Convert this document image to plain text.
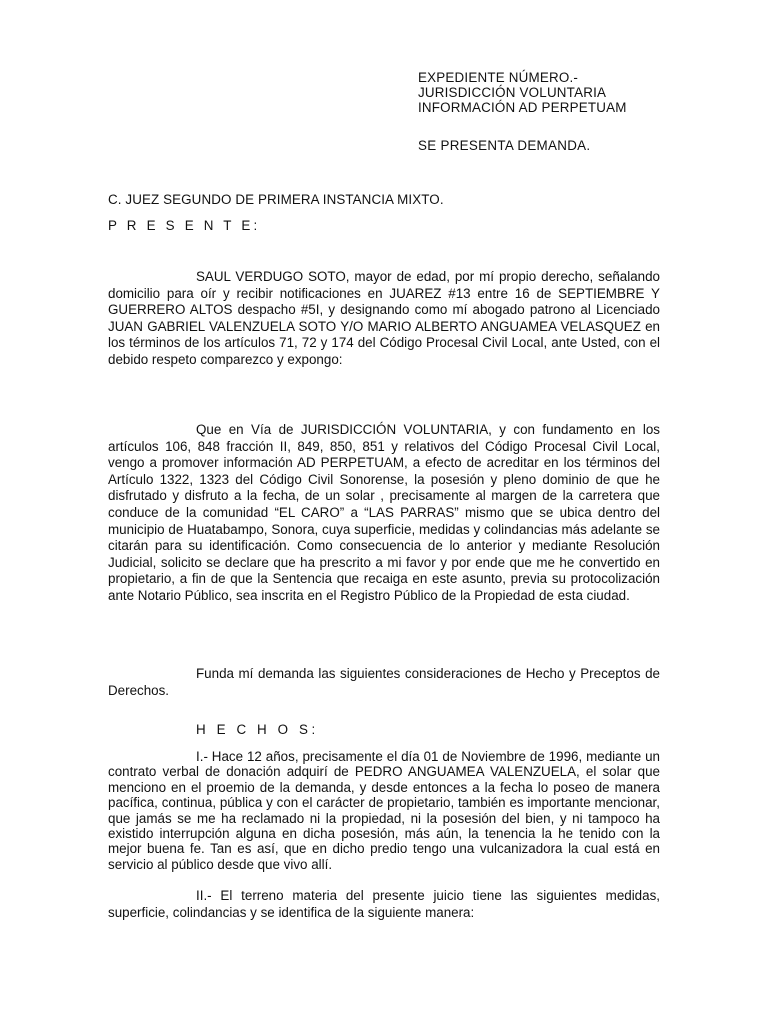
EXPEDIENTE NÚMERO.-
JURISDICCIÓN VOLUNTARIA
INFORMACIÓN AD PERPETUAM
SE PRESENTA DEMANDA.
C. JUEZ SEGUNDO DE PRIMERA INSTANCIA MIXTO.
P R E S E N T E:

SAUL VERDUGO SOTO, mayor de edad, por mí propio derecho, señalando domicilio para oír y recibir notificaciones en JUAREZ #13 entre 16 de SEPTIEMBRE Y GUERRERO ALTOS despacho #5I, y designando como mí abogado patrono al Licenciado JUAN GABRIEL VALENZUELA SOTO Y/O MARIO ALBERTO ANGUAMEA VELASQUEZ en los términos de los artículos 71, 72 y 174 del Código Procesal Civil Local, ante Usted, con el debido respeto comparezco y expongo:

Que en Vía de JURISDICCIÓN VOLUNTARIA, y con fundamento en los artículos 106, 848 fracción II, 849, 850, 851 y relativos del Código Procesal Civil Local, vengo a promover información AD PERPETUAM, a efecto de acreditar en los términos del Artículo 1322, 1323 del Código Civil Sonorense, la posesión y pleno dominio de que he disfrutado y disfruto a la fecha, de un solar , precisamente al margen de la carretera que conduce de la comunidad “EL CARO” a “LAS PARRAS” mismo que se ubica dentro del municipio de Huatabampo, Sonora, cuya superficie, medidas y colindancias más adelante se citarán para su identificación. Como consecuencia de lo anterior y mediante Resolución Judicial, solicito se declare que ha prescrito a mi favor y por ende que me he convertido en propietario, a fin de que la Sentencia que recaiga en este asunto, previa su protocolización ante Notario Público, sea inscrita en el Registro Público de la Propiedad de esta ciudad.

Funda mí demanda las siguientes consideraciones de Hecho y Preceptos de Derechos.

H E C H O S:

I.- Hace 12 años, precisamente el día 01 de Noviembre de 1996, mediante un contrato verbal de donación adquirí de PEDRO ANGUAMEA VALENZUELA, el solar que menciono en el proemio de la demanda, y desde entonces a la fecha lo poseo de manera pacífica, continua, pública y con el carácter de propietario, también es importante mencionar, que jamás se me ha reclamado ni la propiedad, ni la posesión del bien, y ni tampoco ha existido interrupción alguna en dicha posesión, más aún, la tenencia la he tenido con la mejor buena fe. Tan es así, que en dicho predio tengo una vulcanizadora la cual está en servicio al público desde que vivo allí.

II.- El terreno materia del presente juicio tiene las siguientes medidas, superficie, colindancias y se identifica de la siguiente manera:
